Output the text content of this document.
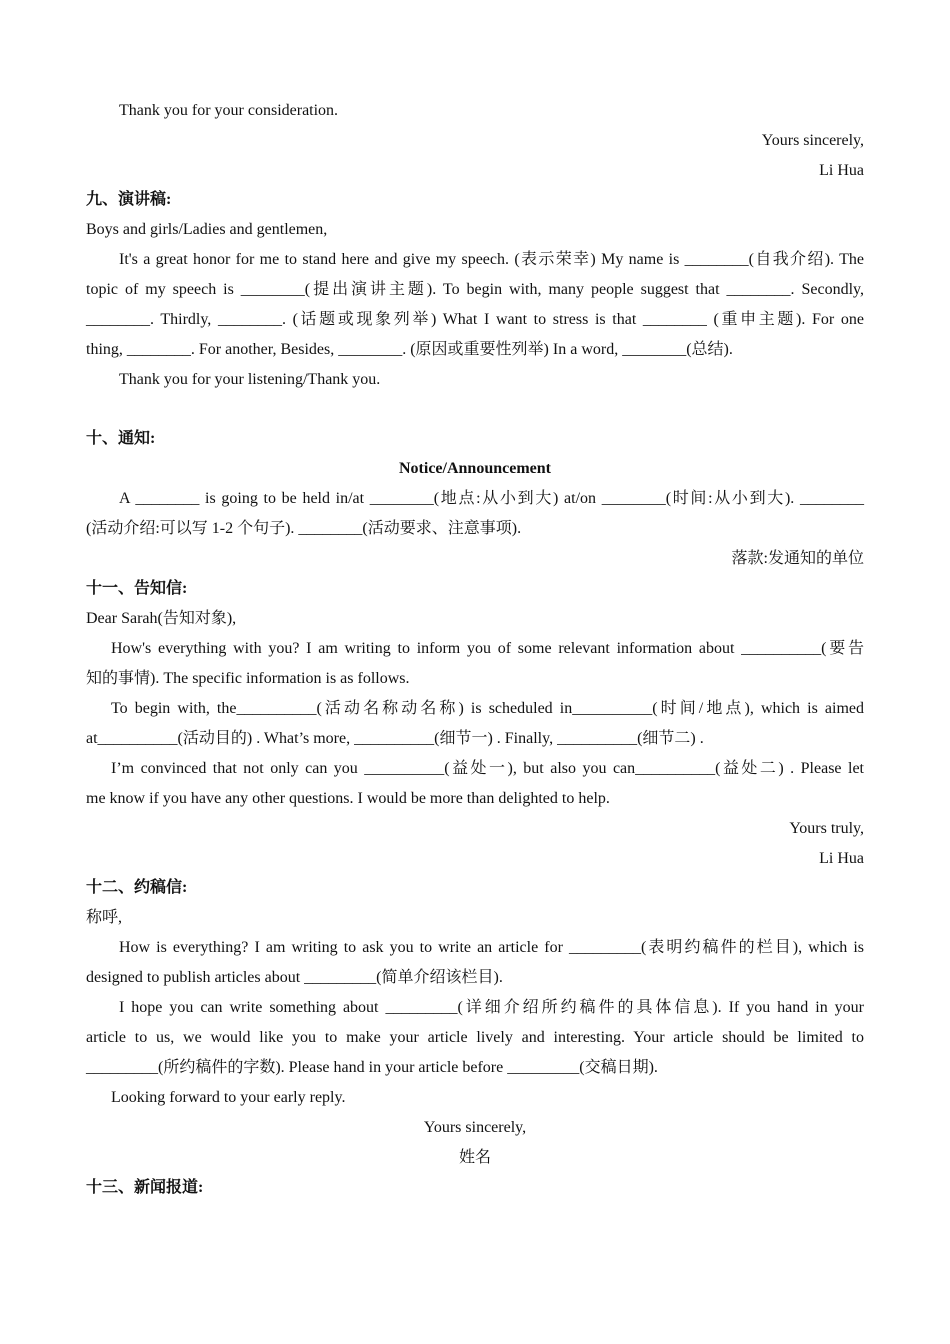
Thank you for your consideration.

Yours sincerely,

Li Hua

九、演讲稿:

Boys and girls/Ladies and gentlemen,

It's a great honor for me to stand here and give my speech. (表示荣幸) My name is ________(自我介绍). The

topic of my speech is ________(提出演讲主题). To begin with, many people suggest that ________. Secondly,

________. Thirdly, ________. (话题或现象列举) What I want to stress is that ________ (重申主题). For one

thing, ________. For another, Besides, ________. (原因或重要性列举) In a word, ________(总结).

Thank you for your listening/Thank you.

十、通知:

Notice/Announcement

A ________ is going to be held in/at ________(地点:从小到大) at/on ________(时间:从小到大). ________

(活动介绍:可以写 1-2 个句子). ________(活动要求、注意事项).

落款:发通知的单位

十一、告知信:

Dear Sarah(告知对象),

How's everything with you? I am writing to inform you of some relevant information about __________(要告

知的事情). The specific information is as follows.

To begin with, the__________(活动名称动名称) is scheduled in__________(时间/地点), which is aimed

at__________(活动目的) . What’s more, __________(细节一) . Finally, __________(细节二) .

I’m convinced that not only can you __________(益处一), but also you can__________(益处二) . Please let

me know if you have any other questions. I would be more than delighted to help.

Yours truly,

Li Hua

十二、约稿信:

称呼,

How is everything? I am writing to ask you to write an article for _________(表明约稿件的栏目), which is

designed to publish articles about _________(简单介绍该栏目).

I hope you can write something about _________(详细介绍所约稿件的具体信息). If you hand in your

article to us, we would like you to make your article lively and interesting. Your article should be limited to

_________(所约稿件的字数). Please hand in your article before _________(交稿日期).

Looking forward to your early reply.

Yours sincerely,

姓名

十三、新闻报道:
